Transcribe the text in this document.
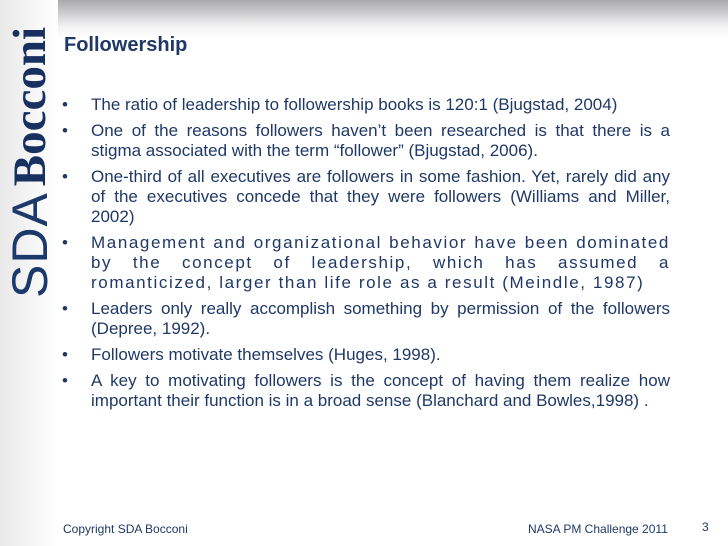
SDABocconi Followership
•	The ratio of leadership to followership books is 120:1 (Bjugstad, 2004)
•	One of the reasons followers haven’t been researched is that there is a stigma associated with the term “follower” (Bjugstad, 2006).
•	One-third of all executives are followers in some fashion. Yet, rarely did any of the executives concede that they were followers (Williams and Miller, 2002)
•	Management and organizational behavior have been dominated by the concept of leadership, which has assumed a romanticized, larger than life role as a result (Meindle, 1987)
•	Leaders only really accomplish something by permission of the followers (Depree, 1992).
•	Followers motivate themselves (Huges, 1998).
•	A key to motivating followers is the concept of having them realize how important their function is in a broad sense (Blanchard and Bowles,1998) .
Copyright SDA Bocconi	NASA PM Challenge 2011	3
